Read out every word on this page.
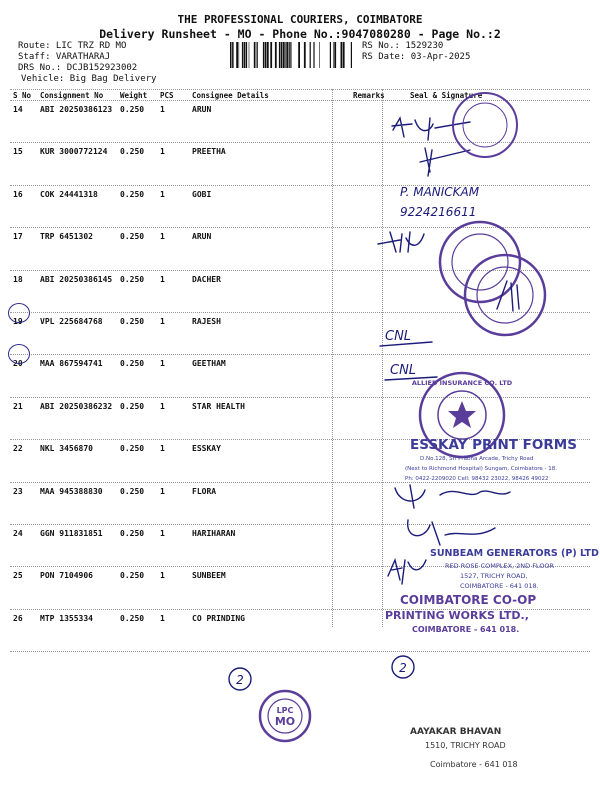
THE PROFESSIONAL COURIERS, COIMBATORE
Delivery Runsheet - MO - Phone No.:9047080280 - Page No.:2
Route: LIC TRZ RD MO
Staff: VARATHARAJ
DRS No.: DCJB152923002
Vehicle: Big Bag Delivery
RS No.: 1529230
RS Date: 03-Apr-2025
S No Consignment No Weight PCS Consignee Details	Remarks	Seal & Signature
14 ABI 20250386123 0.250 1	ARUN
15 KUR 3000772124 0.250 1	PREETHA
16 COK 24441318	0.250 1	GOBI
17 TRP 6451302	0.250 1	ARUN
18 ABI 20250386145 0.250 1	DACHER
19 VPL 225684768 0.250 1	RAJESH
20 MAA 867594741 0.250 1	GEETHAM
21 ABI 20250386232 0.250 1	STAR HEALTH
22 NKL 3456870	0.250 1	ESSKAY
23 MAA 945388830 0.250 1	FLORA
24 GGN 911831851 0.250 1	HARIHARAN
25 PON 7104906	0.250 1	SUNBEEM
26 MTP 1355334	0.250 1	CO PRINDING
P. MANICKAM
9224216611
CNL
CNL
ALLIED INSURANCE CO. LTD
ESSKAY PRINT FORMS
D.No.128, Sri Prabha Arcade, Trichy Road
(Next to Richmond Hospital) Sungam, Coimbatore - 18.
Ph: 0422-2209020 Cell: 98432 23022, 98426 49022
SUNBEAM GENERATORS (P) LTD
RED ROSE COMPLEX, 2ND FLOOR
1527, TRICHY ROAD,
COIMBATORE - 641 018.
COIMBATORE CO-OP
PRINTING WORKS LTD.,
COIMBATORE - 641 018.
2
2
LPC
MO
AAYAKAR BHAVAN
1510, TRICHY ROAD
Coimbatore - 641 018
